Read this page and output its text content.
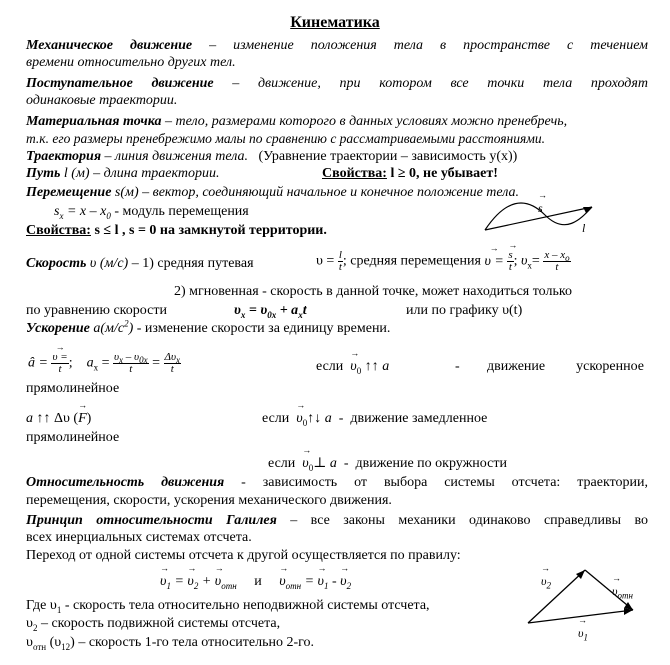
Кинематика
Механическое движение – изменение положения тела в пространстве с течением
времени относительно других тел.
Поступательное движение – движение, при котором все точки тела проходят
одинаковые траектории.
Материальная точка – тело, размерами которого в данных условиях можно пренебречь,
т.к. его размеры пренебрежимо малы по сравнению с рассматриваемыми расстояниями.
Траектория – линия движения тела. (Уравнение траектории – зависимость y(x))
Путь l (м) – длина траектории.	Свойства: l ≥ 0, не убывает!
Перемещение s(м) – вектор, соединяющий начальное и конечное положение тела.
$s_x = x - x_0$ - модуль перемещения
→	s
l
Свойства: s ≤ l , s = 0 на замкнутой территории.
Скорость υ (м/с) – 1) средняя путевая	$\upsilon = \frac{l}{t}$ ; средняя перемещения → υ =
→ $\frac{s}{t}$ ; $\upsilon_x= \frac{x - x_o}{t}$
2) мгновенная - скорость в данной точке, может находиться только
по уравнению скорости	$\upsilon_x = \upsilon_{0x} + a_xt$	или по графику υ(t)
Ускорение $a(м/с^2)$ - изменение скорости за единицу времени.
â =
→ $\frac{\upsilon =}{t}$ ;    $a_x = \frac{\upsilon_x - \upsilon_{0x}}{t} = \frac{\Delta\upsilon_x}{t}$	если  → $\upsilon_0$ ↑↑ a	- движение ускоренное
прямолинейное
a ↑↑ Δυ (→ F)	если  → $\upsilon_0↑↓$ a - движение замедленное
прямолинейное
если  → $\upsilon_0\perp$ a - движение по окружности
Относительность движения - зависимость от выбора системы отсчета: траектории,
перемещения, скорости, ускорения механического движения.
Принцип относительности Галилея – все законы механики одинаково справедливы во
всех инерциальных системах отсчета.
Переход от одной системы отсчета к другой осуществляется по правилу:
→ $\upsilon_1$ = → $\upsilon_2$ + → $\upsilon_{отн}$ и     → $\upsilon_{отн}$ = → $\upsilon_1$ - → $\upsilon_2$
Где $\upsilon_1$ - скорость тела относительно неподвижной системы отсчета,
$\upsilon_2$ – скорость подвижной системы отсчета,
$\upsilon_{отн}$ $(\upsilon_{12})$ – скорость 1-го тела относительно 2-го.
→ $\upsilon_2$
→	$\upsilon_{отн}$
→ $\upsilon_1$
